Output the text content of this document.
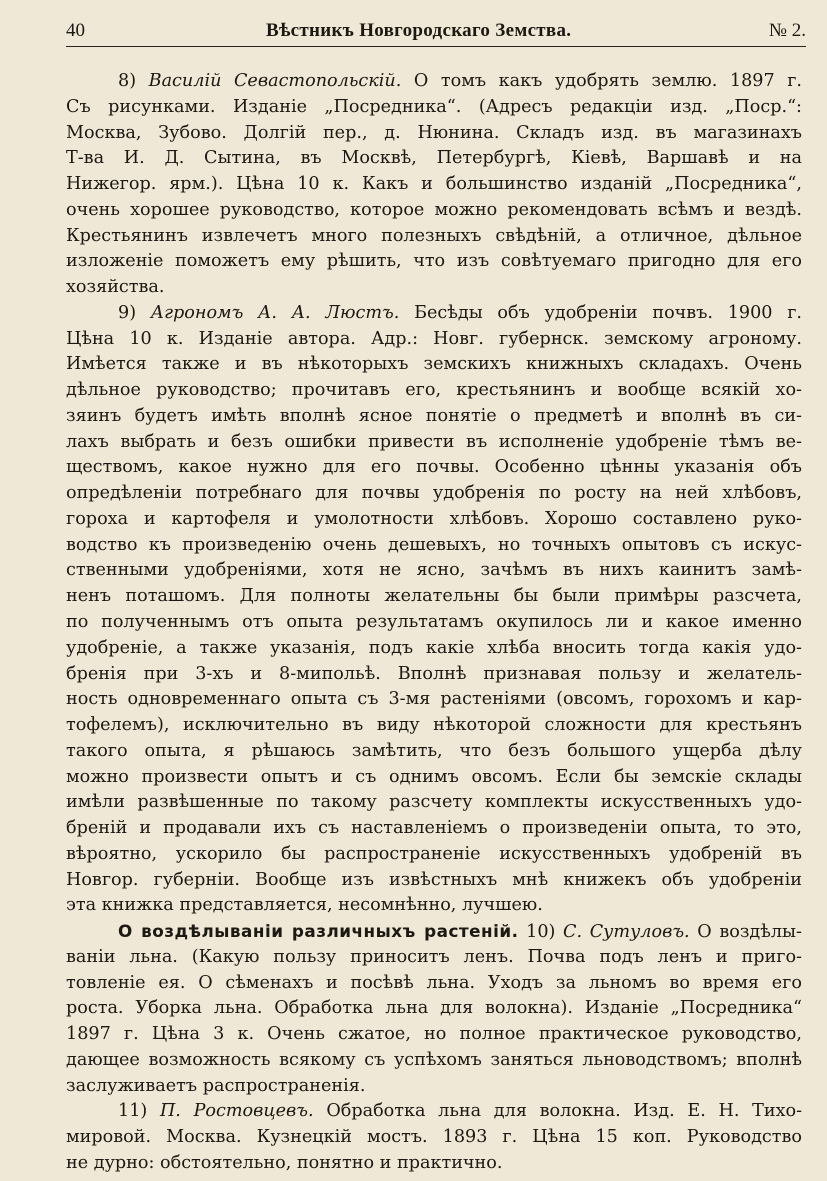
40	Вѣстникъ Новгородскаго Земства.	№ 2.
8) Василій Севастопольскій. О томъ какъ удобрять землю. 1897 г.
Съ рисунками. Изданіе „Посредника“. (Адресъ редакціи изд. „Поср.“:
Москва, Зубово. Долгій пер., д. Нюнина. Складъ изд. въ магазинахъ
Т-ва И. Д. Сытина, въ Москвѣ, Петербургѣ, Кіевѣ, Варшавѣ и на
Нижегор. ярм.). Цѣна 10 к. Какъ и большинство изданій „Посредника“,
очень хорошее руководство, которое можно рекомендовать всѣмъ и вездѣ.
Крестьянинъ извлечетъ много полезныхъ свѣдѣній, а отличное, дѣльное
изложеніе поможетъ ему рѣшить, что изъ совѣтуемаго пригодно для его
хозяйства.
9) Агрономъ А. А. Люстъ. Бесѣды объ удобреніи почвъ. 1900 г.
Цѣна 10 к. Изданіе автора. Адр.: Новг. губернск. земскому агроному.
Имѣется также и въ нѣкоторыхъ земскихъ книжныхъ складахъ. Очень
дѣльное руководство; прочитавъ его, крестьянинъ и вообще всякій хо-
зяинъ будетъ имѣть вполнѣ ясное понятіе о предметѣ и вполнѣ въ си-
лахъ выбрать и безъ ошибки привести въ исполненіе удобреніе тѣмъ ве-
ществомъ, какое нужно для его почвы. Особенно цѣнны указанія объ
опредѣленіи потребнаго для почвы удобренія по росту на ней хлѣбовъ,
гороха и картофеля и умолотности хлѣбовъ. Хорошо составлено руко-
водство къ произведенію очень дешевыхъ, но точныхъ опытовъ съ искус-
ственными удобреніями, хотя не ясно, зачѣмъ въ нихъ каинитъ замѣ-
ненъ поташомъ. Для полноты желательны бы были примѣры разсчета,
по полученнымъ отъ опыта результатамъ окупилось ли и какое именно
удобреніе, а также указанія, подъ какіе хлѣба вносить тогда какія удо-
бренія при 3-хъ и 8-мипольѣ. Вполнѣ признавая пользу и желатель-
ность одновременнаго опыта съ 3-мя растеніями (овсомъ, горохомъ и кар-
тофелемъ), исключительно въ виду нѣкоторой сложности для крестьянъ
такого опыта, я рѣшаюсь замѣтить, что безъ большого ущерба дѣлу
можно произвести опытъ и съ однимъ овсомъ. Если бы земскіе склады
имѣли развѣшенные по такому разсчету комплекты искусственныхъ удо-
бреній и продавали ихъ съ наставленіемъ о произведеніи опыта, то это,
вѣроятно, ускорило бы распространеніе искусственныхъ удобреній въ
Новгор. губерніи. Вообще изъ извѣстныхъ мнѣ книжекъ объ удобреніи
эта книжка представляется, несомнѣнно, лучшею.
О воздѣлываніи различныхъ растеній. 10) С. Сутуловъ. О воздѣлы-
ваніи льна. (Какую пользу приноситъ ленъ. Почва подъ ленъ и приго-
товленіе ея. О сѣменахъ и посѣвѣ льна. Уходъ за льномъ во время его
роста. Уборка льна. Обработка льна для волокна). Изданіе „Посредника“
1897 г. Цѣна 3 к. Очень сжатое, но полное практическое руководство,
дающее возможность всякому съ успѣхомъ заняться льноводствомъ; вполнѣ
заслуживаетъ распространенія.
11) П. Ростовцевъ. Обработка льна для волокна. Изд. Е. Н. Тихо-
мировой. Москва. Кузнецкій мостъ. 1893 г. Цѣна 15 коп. Руководство
не дурно: обстоятельно, понятно и практично.
